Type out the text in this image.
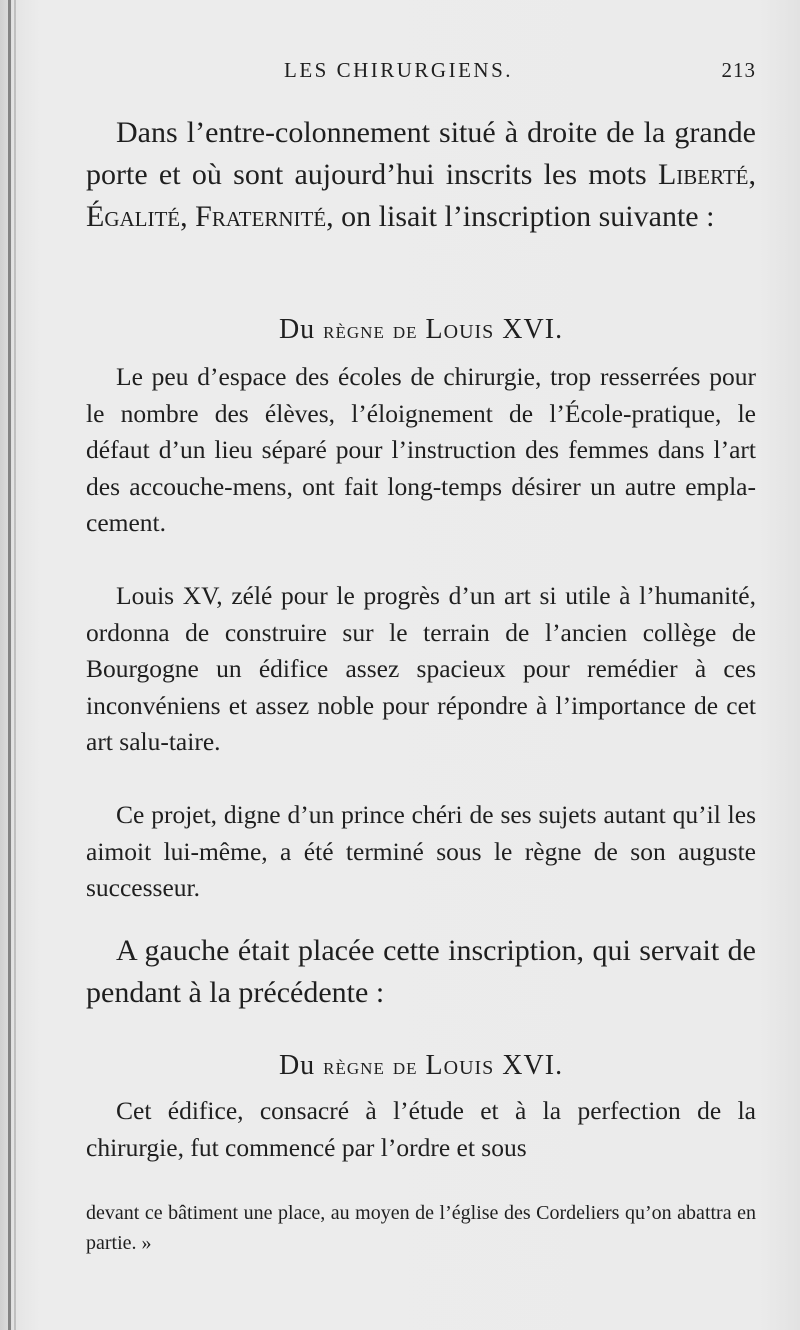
LES CHIRURGIENS.	213
Dans l’entre-colonnement situé à droite de la grande porte et où sont aujourd’hui inscrits les mots Liberté, Égalité, Fraternité, on lisait l’inscription suivante :
Du règne de Louis XVI.
Le peu d’espace des écoles de chirurgie, trop resserrées pour le nombre des élèves, l’éloignement de l’École-pratique, le défaut d’un lieu séparé pour l’instruction des femmes dans l’art des accouche-mens, ont fait long-temps désirer un autre empla-cement.
Louis XV, zélé pour le progrès d’un art si utile à l’humanité, ordonna de construire sur le terrain de l’ancien collège de Bourgogne un édifice assez spacieux pour remédier à ces inconvéniens et assez noble pour répondre à l’importance de cet art salu-taire.
Ce projet, digne d’un prince chéri de ses sujets autant qu’il les aimoit lui-même, a été terminé sous le règne de son auguste successeur.
A gauche était placée cette inscription, qui servait de pendant à la précédente :
Du règne de Louis XVI.
Cet édifice, consacré à l’étude et à la perfection de la chirurgie, fut commencé par l’ordre et sous
devant ce bâtiment une place, au moyen de l’église des Cordeliers qu’on abattra en partie. »
